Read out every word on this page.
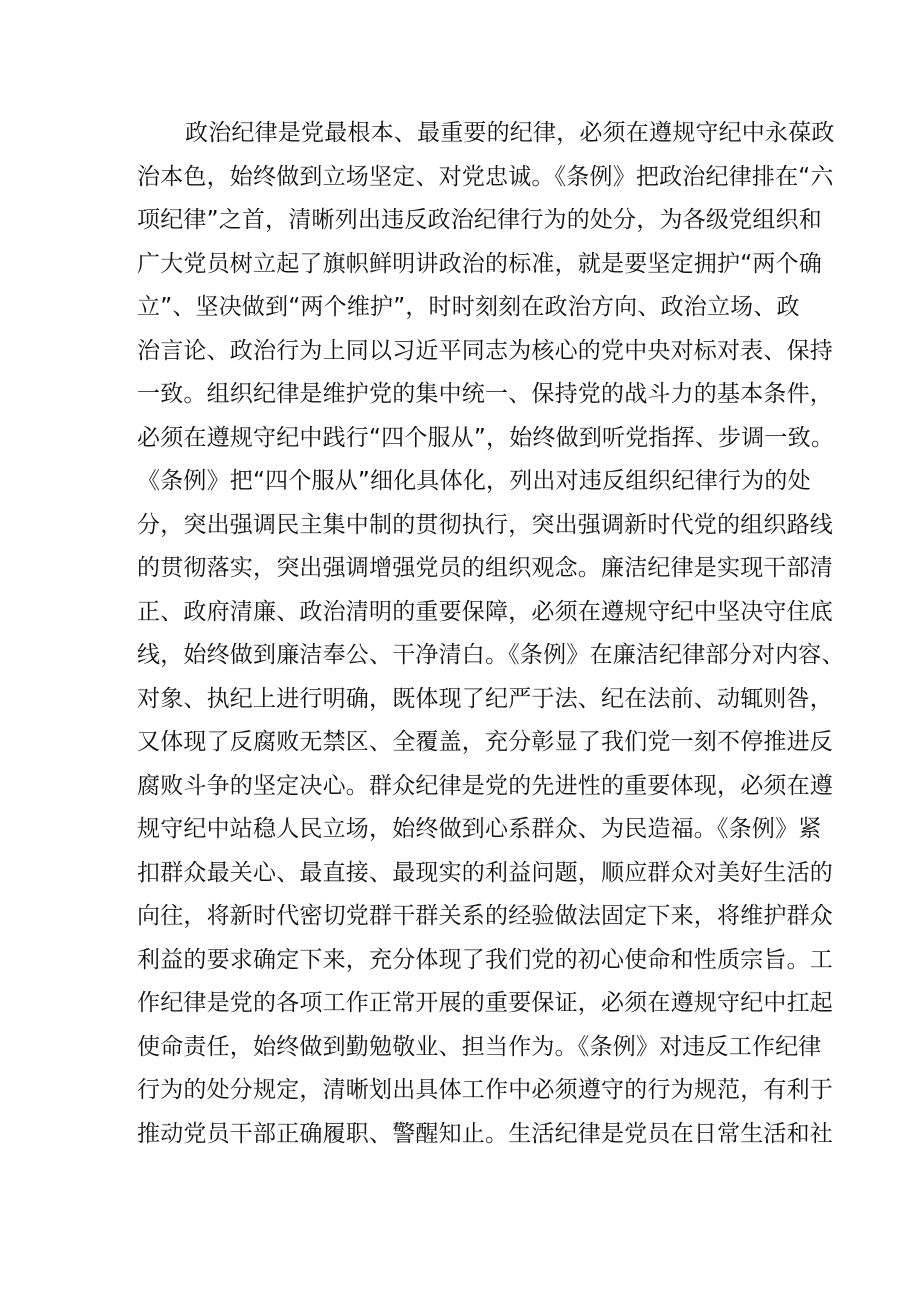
政治纪律是党最根本、最重要的纪律，必须在遵规守纪中永葆政
治本色，始终做到立场坚定、对党忠诚。《条例》把政治纪律排在“六
项纪律”之首，清晰列出违反政治纪律行为的处分，为各级党组织和
广大党员树立起了旗帜鲜明讲政治的标准，就是要坚定拥护“两个确
立”、坚决做到“两个维护”，时时刻刻在政治方向、政治立场、政
治言论、政治行为上同以习近平同志为核心的党中央对标对表、保持
一致。组织纪律是维护党的集中统一、保持党的战斗力的基本条件，
必须在遵规守纪中践行“四个服从”，始终做到听党指挥、步调一致。
《条例》把“四个服从”细化具体化，列出对违反组织纪律行为的处
分，突出强调民主集中制的贯彻执行，突出强调新时代党的组织路线
的贯彻落实，突出强调增强党员的组织观念。廉洁纪律是实现干部清
正、政府清廉、政治清明的重要保障，必须在遵规守纪中坚决守住底
线，始终做到廉洁奉公、干净清白。《条例》在廉洁纪律部分对内容、
对象、执纪上进行明确，既体现了纪严于法、纪在法前、动辄则咎，
又体现了反腐败无禁区、全覆盖，充分彰显了我们党一刻不停推进反
腐败斗争的坚定决心。群众纪律是党的先进性的重要体现，必须在遵
规守纪中站稳人民立场，始终做到心系群众、为民造福。《条例》紧
扣群众最关心、最直接、最现实的利益问题，顺应群众对美好生活的
向往，将新时代密切党群干群关系的经验做法固定下来，将维护群众
利益的要求确定下来，充分体现了我们党的初心使命和性质宗旨。工
作纪律是党的各项工作正常开展的重要保证，必须在遵规守纪中扛起
使命责任，始终做到勤勉敬业、担当作为。《条例》对违反工作纪律
行为的处分规定，清晰划出具体工作中必须遵守的行为规范，有利于
推动党员干部正确履职、警醒知止。生活纪律是党员在日常生活和社
